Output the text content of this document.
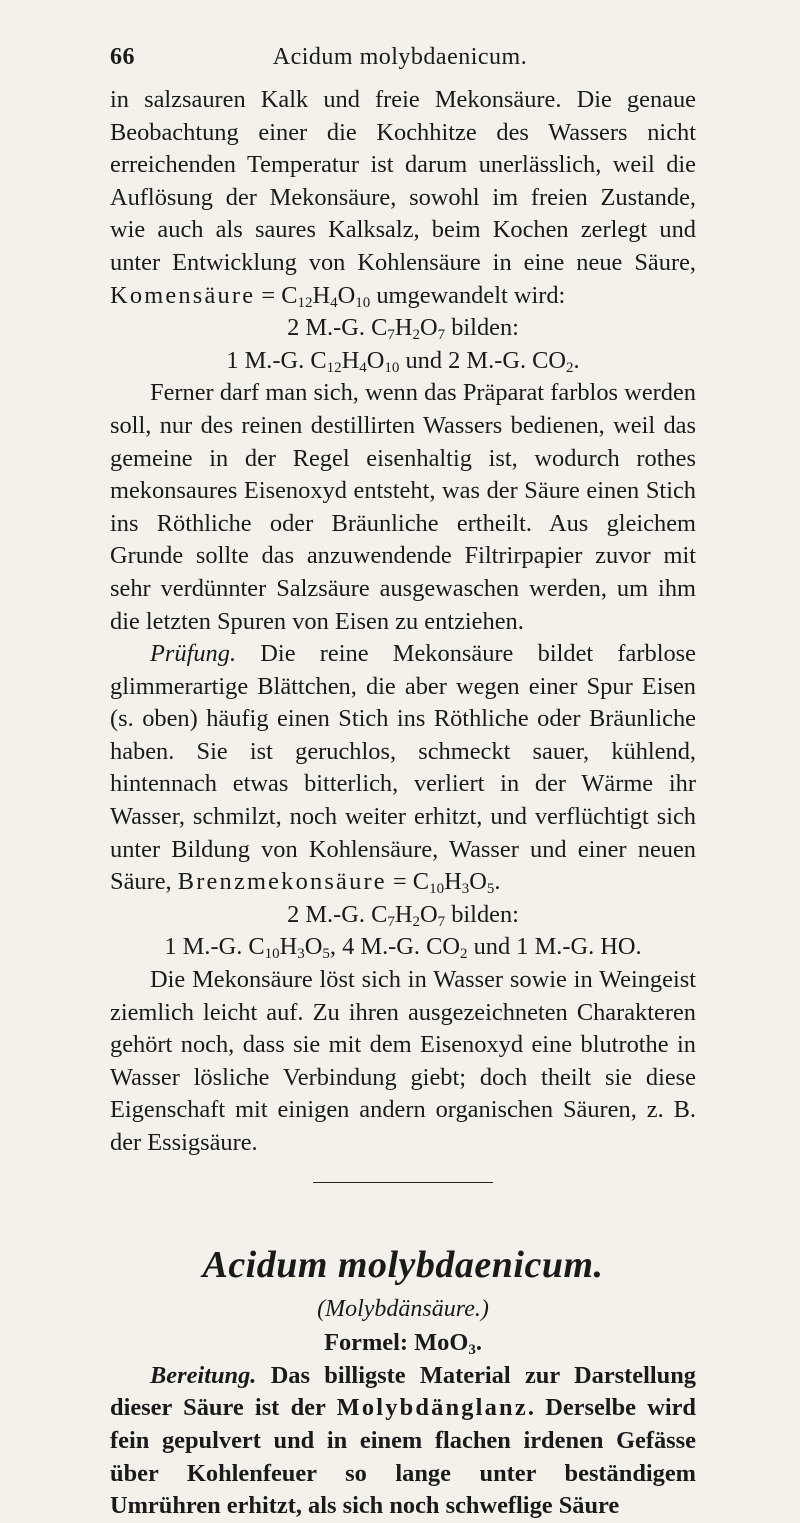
66	Acidum molybdaenicum.

in salzsauren Kalk und freie Mekonsäure. Die genaue Beobachtung einer die Kochhitze des Wassers nicht erreichenden Temperatur ist darum unerlässlich, weil die Auflösung der Mekonsäure, sowohl im freien Zustande, wie auch als saures Kalksalz, beim Kochen zerlegt und unter Entwicklung von Kohlensäure in eine neue Säure, Komensäure = $C_{12}H_4O_{10}$ umgewandelt wird:

2 M.-G. $C_7H_2O_7$ bilden:

1 M.-G. $C_{12}H_4O_{10}$ und 2 M.-G. $CO_2$.

Ferner darf man sich, wenn das Präparat farblos werden soll, nur des reinen destillirten Wassers bedienen, weil das gemeine in der Regel eisenhaltig ist, wodurch rothes mekonsaures Eisenoxyd entsteht, was der Säure einen Stich ins Röthliche oder Bräunliche ertheilt. Aus gleichem Grunde sollte das anzuwendende Filtrirpapier zuvor mit sehr verdünnter Salzsäure ausgewaschen werden, um ihm die letzten Spuren von Eisen zu entziehen.

Prüfung. Die reine Mekonsäure bildet farblose glimmerartige Blättchen, die aber wegen einer Spur Eisen (s. oben) häufig einen Stich ins Röthliche oder Bräunliche haben. Sie ist geruchlos, schmeckt sauer, kühlend, hintennach etwas bitterlich, verliert in der Wärme ihr Wasser, schmilzt, noch weiter erhitzt, und verflüchtigt sich unter Bildung von Kohlensäure, Wasser und einer neuen Säure, Brenzmekonsäure = $C_{10}H_3O_5$.

2 M.-G. $C_7H_2O_7$ bilden:

1 M.-G. $C_{10}H_3O_5$, 4 M.-G. $CO_2$ und 1 M.-G. HO.

Die Mekonsäure löst sich in Wasser sowie in Weingeist ziemlich leicht auf. Zu ihren ausgezeichneten Charakteren gehört noch, dass sie mit dem Eisenoxyd eine blutrothe in Wasser lösliche Verbindung giebt; doch theilt sie diese Eigenschaft mit einigen andern organischen Säuren, z. B. der Essigsäure.

Acidum molybdaenicum.

(Molybdänsäure.)

Formel: MoO$_3$.

Bereitung. Das billigste Material zur Darstellung dieser Säure ist der Molybdänglanz. Derselbe wird fein gepulvert und in einem flachen irdenen Gefässe über Kohlenfeuer so lange unter beständigem Umrühren erhitzt, als sich noch schweflige Säure
